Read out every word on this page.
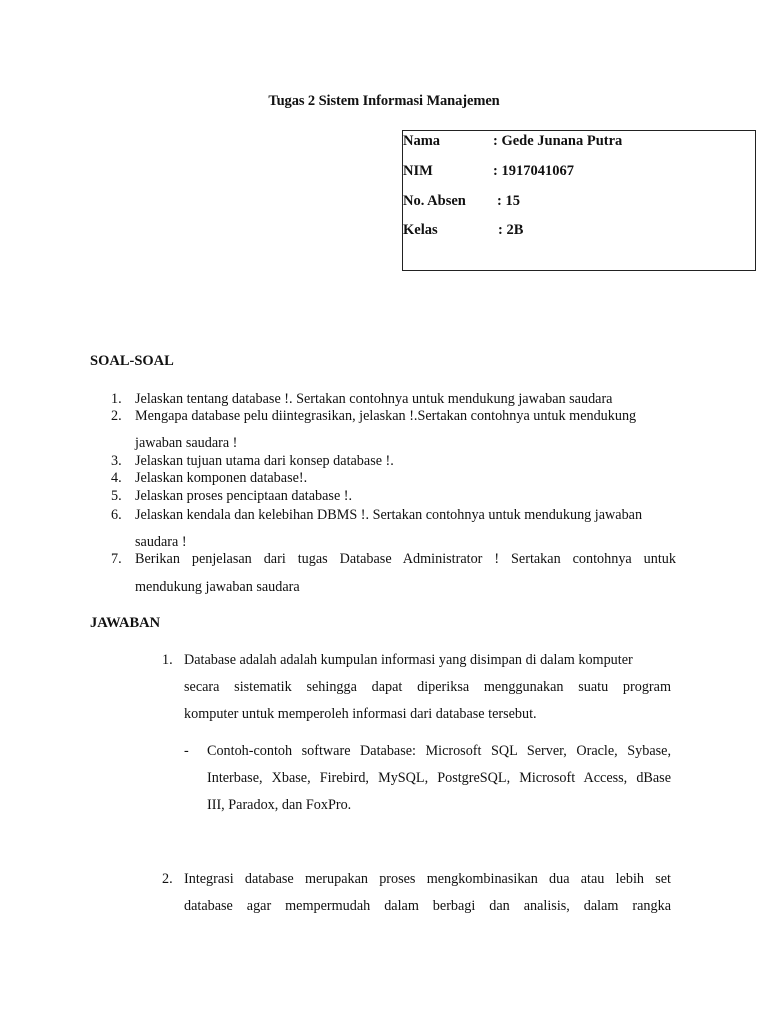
Tugas 2 Sistem Informasi Manajemen
Nama	: Gede Junana Putra
NIM	: 1917041067
No. Absen : 15
Kelas	: 2B
SOAL-SOAL
1. Jelaskan tentang database !. Sertakan contohnya untuk mendukung jawaban saudara
2. Mengapa database pelu diintegrasikan, jelaskan !.Sertakan contohnya untuk mendukung
jawaban saudara !
3. Jelaskan tujuan utama dari konsep database !.
4. Jelaskan komponen database!.
5. Jelaskan proses penciptaan database !.
6. Jelaskan kendala dan kelebihan DBMS !. Sertakan contohnya untuk mendukung jawaban
saudara !
7. Berikan penjelasan dari tugas Database Administrator ! Sertakan contohnya untuk
mendukung jawaban saudara
JAWABAN
1. Database adalah adalah kumpulan informasi yang disimpan di dalam komputer
secara sistematik sehingga dapat diperiksa menggunakan suatu program
komputer untuk memperoleh informasi dari database tersebut.
- Contoh-contoh software Database: Microsoft SQL Server, Oracle, Sybase,
Interbase, Xbase, Firebird, MySQL, PostgreSQL, Microsoft Access, dBase
III, Paradox, dan FoxPro.
2. Integrasi database merupakan proses mengkombinasikan dua atau lebih set
database agar mempermudah dalam berbagi dan analisis, dalam rangka
